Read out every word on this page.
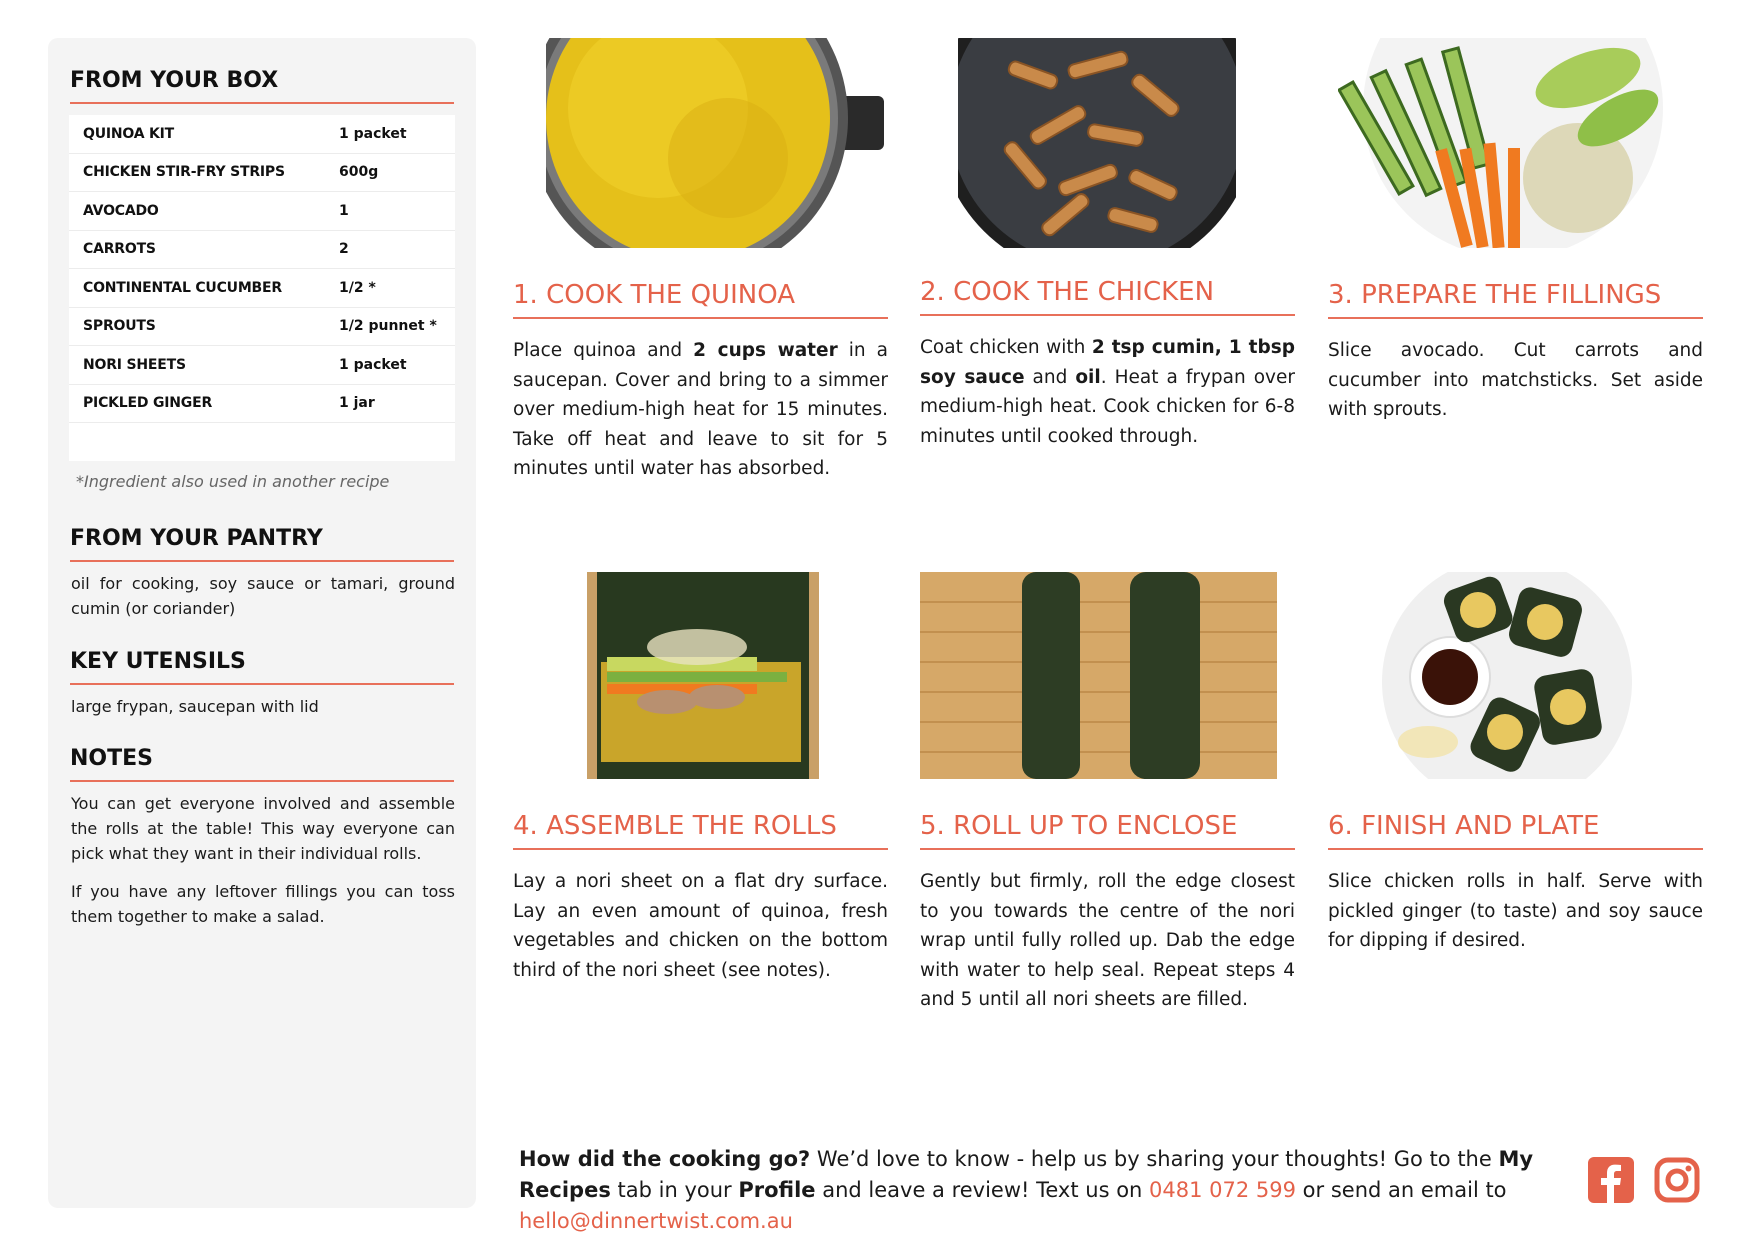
FROM YOUR BOX
QUINOA KIT	1 packet
CHICKEN STIR-FRY STRIPS	600g
AVOCADO	1
CARROTS	2
CONTINENTAL CUCUMBER	1/2 *
SPROUTS	1/2 punnet *
NORI SHEETS	1 packet
PICKLED GINGER	1 jar
*Ingredient also used in another recipe
FROM YOUR PANTRY
oil for cooking, soy sauce or tamari, ground cumin (or coriander)
KEY UTENSILS
large frypan, saucepan with lid
NOTES
You can get everyone involved and assemble the rolls at the table! This way everyone can pick what they want in their individual rolls.
If you have any leftover fillings you can toss them together to make a salad.
1. COOK THE QUINOA
Place quinoa and 2 cups water in a saucepan. Cover and bring to a simmer over medium-high heat for 15 minutes. Take off heat and leave to sit for 5 minutes until water has absorbed.
2. COOK THE CHICKEN
Coat chicken with 2 tsp cumin, 1 tbsp soy sauce and oil. Heat a frypan over medium-high heat. Cook chicken for 6-8 minutes until cooked through.
3. PREPARE THE FILLINGS
Slice avocado. Cut carrots and cucumber into matchsticks. Set aside with sprouts.
4. ASSEMBLE THE ROLLS
Lay a nori sheet on a flat dry surface. Lay an even amount of quinoa, fresh vegetables and chicken on the bottom third of the nori sheet (see notes).
5. ROLL UP TO ENCLOSE
Gently but firmly, roll the edge closest to you towards the centre of the nori wrap until fully rolled up. Dab the edge with water to help seal. Repeat steps 4 and 5 until all nori sheets are filled.
6. FINISH AND PLATE
Slice chicken rolls in half. Serve with pickled ginger (to taste) and soy sauce for dipping if desired.
How did the cooking go? We’d love to know - help us by sharing your thoughts! Go to the My Recipes tab in your Profile and leave a review! Text us on 0481 072 599 or send an email to hello@dinnertwist.com.au
